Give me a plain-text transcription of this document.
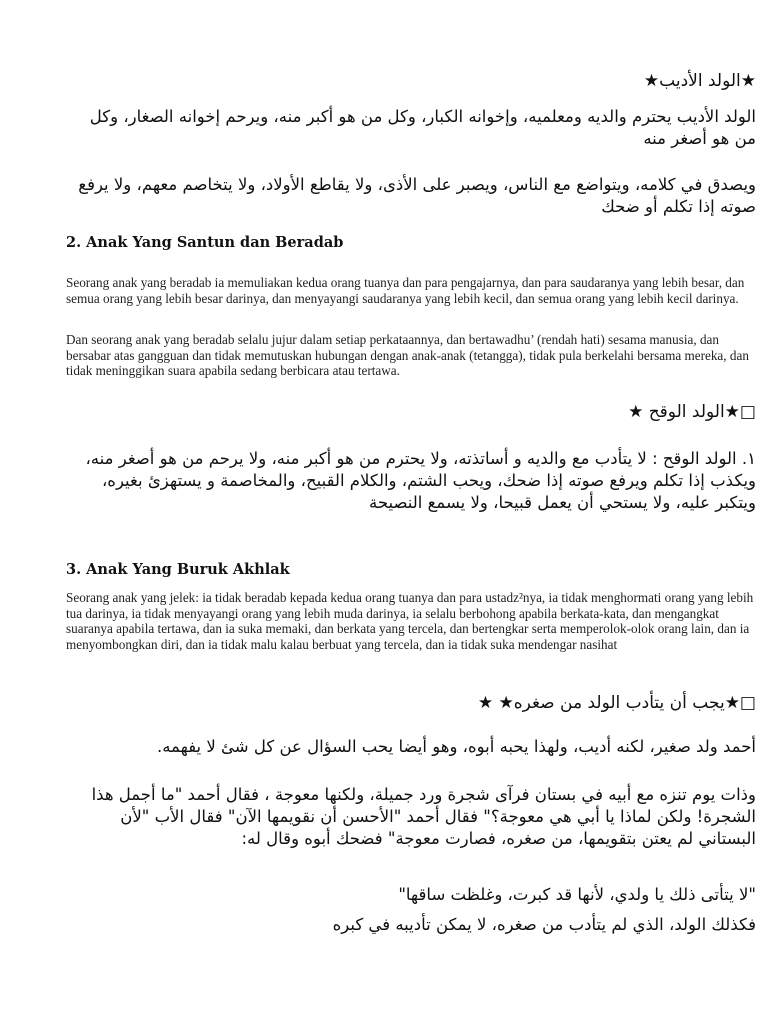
★الولد الأديب★
الولد الأديب يحترم والديه ومعلميه، وإخوانه الكبار، وكل من هو أكبر منه، ويرحم إخوانه الصغار، وكل من هو أصغر منه
ويصدق في كلامه، ويتواضع مع الناس، ويصبر على الأذى، ولا يقاطع الأولاد، ولا يتخاصم معهم، ولا يرفع صوته إذا تكلم أو ضحك
2. Anak Yang Santun dan Beradab
Seorang anak yang beradab ia memuliakan kedua orang tuanya dan para pengajarnya, dan para saudaranya yang lebih besar, dan semua orang yang lebih besar darinya, dan menyayangi saudaranya yang lebih kecil, dan semua orang yang lebih kecil darinya.
Dan seorang anak yang beradab selalu jujur dalam setiap perkataannya, dan bertawadhu’ (rendah hati) sesama manusia, dan bersabar atas gangguan dan tidak memutuskan hubungan dengan anak-anak (tetangga), tidak pula berkelahi bersama mereka, dan tidak meninggikan suara apabila sedang berbicara atau tertawa.
□★الولد الوقح ★
١. الولد الوقح : لا يتأدب مع والديه و أساتذته، ولا يحترم من هو أكبر منه، ولا يرحم من هو أصغر منه، ويكذب إذا تكلم ويرفع صوته إذا ضحك، ويحب الشتم، والكلام القبيح، والمخاصمة و يستهزئ بغيره، ويتكبر عليه، ولا يستحي أن يعمل قبيحا، ولا يسمع النصيحة
3. Anak Yang Buruk Akhlak
Seorang anak yang jelek: ia tidak beradab kepada kedua orang tuanya dan para ustadz²nya, ia tidak menghormati orang yang lebih tua darinya, ia tidak menyayangi orang yang lebih muda darinya, ia selalu berbohong apabila berkata-kata, dan mengangkat suaranya apabila tertawa, dan ia suka memaki, dan berkata yang tercela, dan bertengkar serta memperolok-olok orang lain, dan ia menyombongkan diri, dan ia tidak malu kalau berbuat yang tercela, dan ia tidak suka mendengar nasihat
□★يجب أن يتأدب الولد من صغره★ ★
أحمد ولد صغير، لكنه أديب، ولهذا يحبه أبوه، وهو أيضا يحب السؤال عن كل شئ لا يفهمه.
وذات يوم تنزه مع أبيه في بستان فرآى شجرة ورد جميلة، ولكنها معوجة ، فقال أحمد "ما أجمل هذا الشجرة! ولكن لماذا يا أبي هي معوجة؟" فقال أحمد "الأحسن أن نقويمها الآن" فقال الأب "لأن البستاني لم يعتن بتقويمها، من صغره، فصارت معوجة" فضحك أبوه وقال له:
"لا يتأتى ذلك يا ولدي، لأنها قد كبرت، وغلظت ساقها"
فكذلك الولد، الذي لم يتأدب من صغره، لا يمكن تأديبه في كبره
